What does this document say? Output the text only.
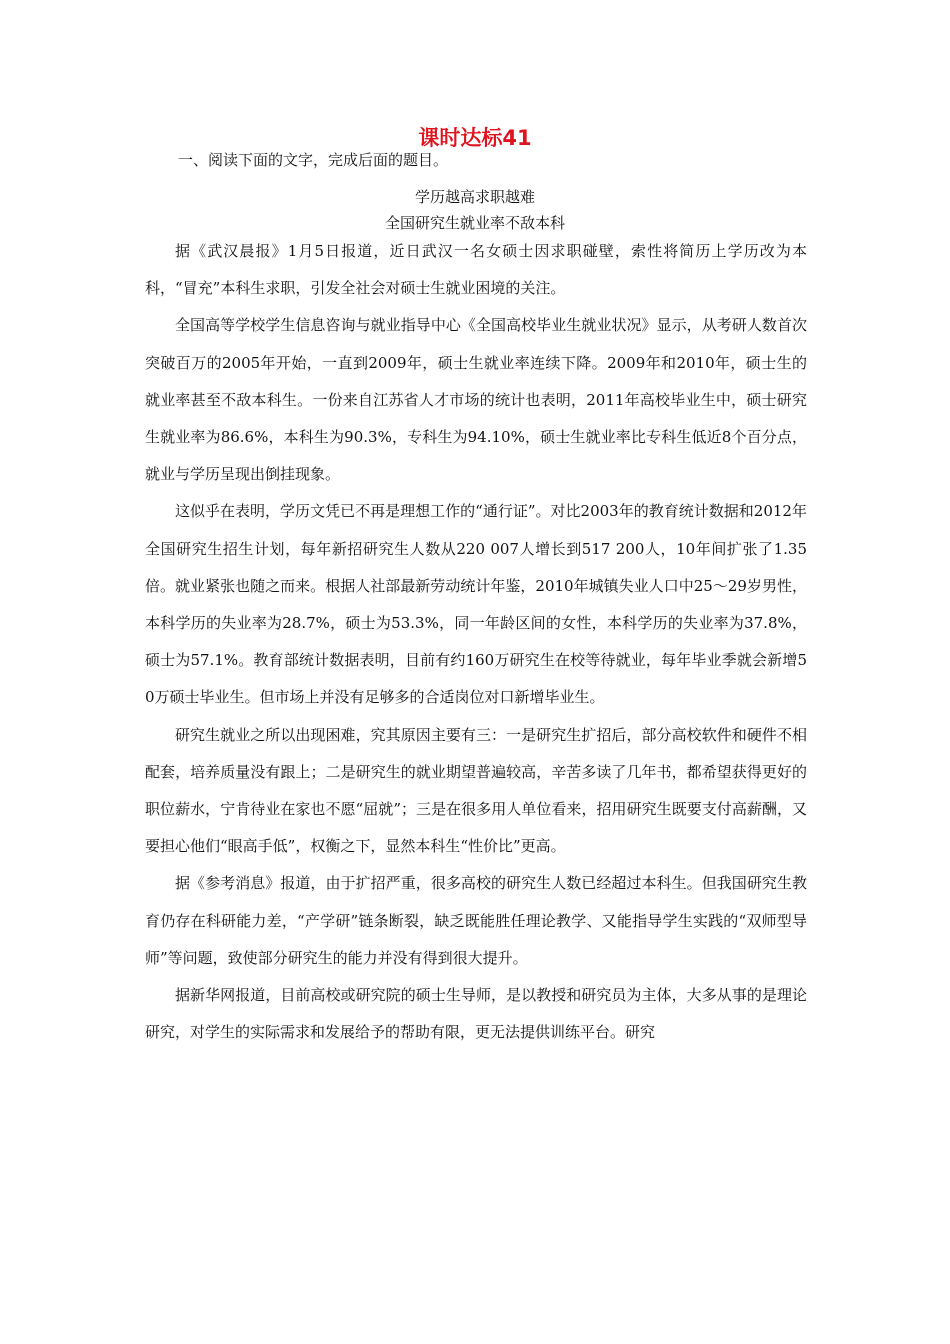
课时达标41
一、阅读下面的文字，完成后面的题目。
学历越高求职越难
全国研究生就业率不敌本科

据《武汉晨报》1月5日报道，近日武汉一名女硕士因求职碰壁，索性将简历上学历改为本科，“冒充”本科生求职，引发全社会对硕士生就业困境的关注。

全国高等学校学生信息咨询与就业指导中心《全国高校毕业生就业状况》显示，从考研人数首次突破百万的2005年开始，一直到2009年，硕士生就业率连续下降。2009年和2010年，硕士生的就业率甚至不敌本科生。一份来自江苏省人才市场的统计也表明，2011年高校毕业生中，硕士研究生就业率为86.6%，本科生为90.3%，专科生为94.10%，硕士生就业率比专科生低近8个百分点，就业与学历呈现出倒挂现象。

这似乎在表明，学历文凭已不再是理想工作的“通行证”。对比2003年的教育统计数据和2012年全国研究生招生计划，每年新招研究生人数从220 007人增长到517 200人，10年间扩张了1.35倍。就业紧张也随之而来。根据人社部最新劳动统计年鉴，2010年城镇失业人口中25～29岁男性，本科学历的失业率为28.7%，硕士为53.3%，同一年龄区间的女性，本科学历的失业率为37.8%，硕士为57.1%。教育部统计数据表明，目前有约160万研究生在校等待就业，每年毕业季就会新增50万硕士毕业生。但市场上并没有足够多的合适岗位对口新增毕业生。

研究生就业之所以出现困难，究其原因主要有三：一是研究生扩招后，部分高校软件和硬件不相配套，培养质量没有跟上；二是研究生的就业期望普遍较高，辛苦多读了几年书，都希望获得更好的职位薪水，宁肯待业在家也不愿“屈就”；三是在很多用人单位看来，招用研究生既要支付高薪酬，又要担心他们“眼高手低”，权衡之下，显然本科生“性价比”更高。

据《参考消息》报道，由于扩招严重，很多高校的研究生人数已经超过本科生。但我国研究生教育仍存在科研能力差，“产学研”链条断裂，缺乏既能胜任理论教学、又能指导学生实践的“双师型导师”等问题，致使部分研究生的能力并没有得到很大提升。

据新华网报道，目前高校或研究院的硕士生导师，是以教授和研究员为主体，大多从事的是理论研究，对学生的实际需求和发展给予的帮助有限，更无法提供训练平台。研究
